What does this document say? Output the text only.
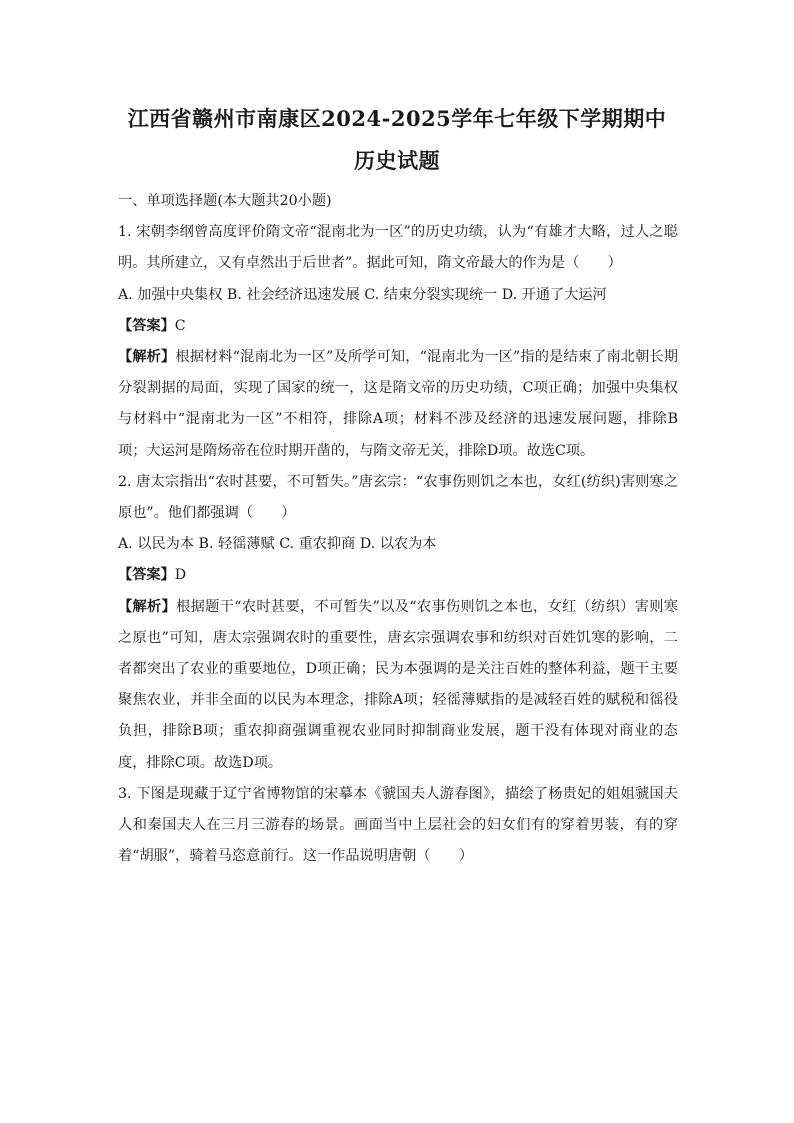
江西省赣州市南康区2024-2025学年七年级下学期期中
历史试题

一、单项选择题(本大题共20小题)

1. 宋朝李纲曾高度评价隋文帝“混南北为一区”的历史功绩，认为“有雄才大略，过人之聪明。其所建立，又有卓然出于后世者”。据此可知，隋文帝最大的作为是（　　）

A. 加强中央集权 B. 社会经济迅速发展 C. 结束分裂实现统一 D. 开通了大运河

【答案】C

【解析】根据材料“混南北为一区”及所学可知，“混南北为一区”指的是结束了南北朝长期分裂割据的局面，实现了国家的统一，这是隋文帝的历史功绩，C项正确；加强中央集权与材料中“混南北为一区”不相符，排除A项；材料不涉及经济的迅速发展问题，排除B项；大运河是隋炀帝在位时期开凿的，与隋文帝无关，排除D项。故选C项。

2. 唐太宗指出“农时甚要，不可暂失。”唐玄宗：“农事伤则饥之本也，女红(纺织)害则寒之原也”。他们都强调（　　）

A. 以民为本 B. 轻徭薄赋 C. 重农抑商 D. 以农为本

【答案】D

【解析】根据题干“农时甚要，不可暂失”以及“农事伤则饥之本也，女红（纺织）害则寒之原也”可知，唐太宗强调农时的重要性，唐玄宗强调农事和纺织对百姓饥寒的影响，二者都突出了农业的重要地位，D项正确；民为本强调的是关注百姓的整体利益，题干主要聚焦农业，并非全面的以民为本理念，排除A项；轻徭薄赋指的是减轻百姓的赋税和徭役负担，排除B项；重农抑商强调重视农业同时抑制商业发展，题干没有体现对商业的态度，排除C项。故选D项。

3. 下图是现藏于辽宁省博物馆的宋摹本《虢国夫人游春图》，描绘了杨贵妃的姐姐虢国夫人和秦国夫人在三月三游春的场景。画面当中上层社会的妇女们有的穿着男装，有的穿着“胡服”，骑着马恣意前行。这一作品说明唐朝（　　）
